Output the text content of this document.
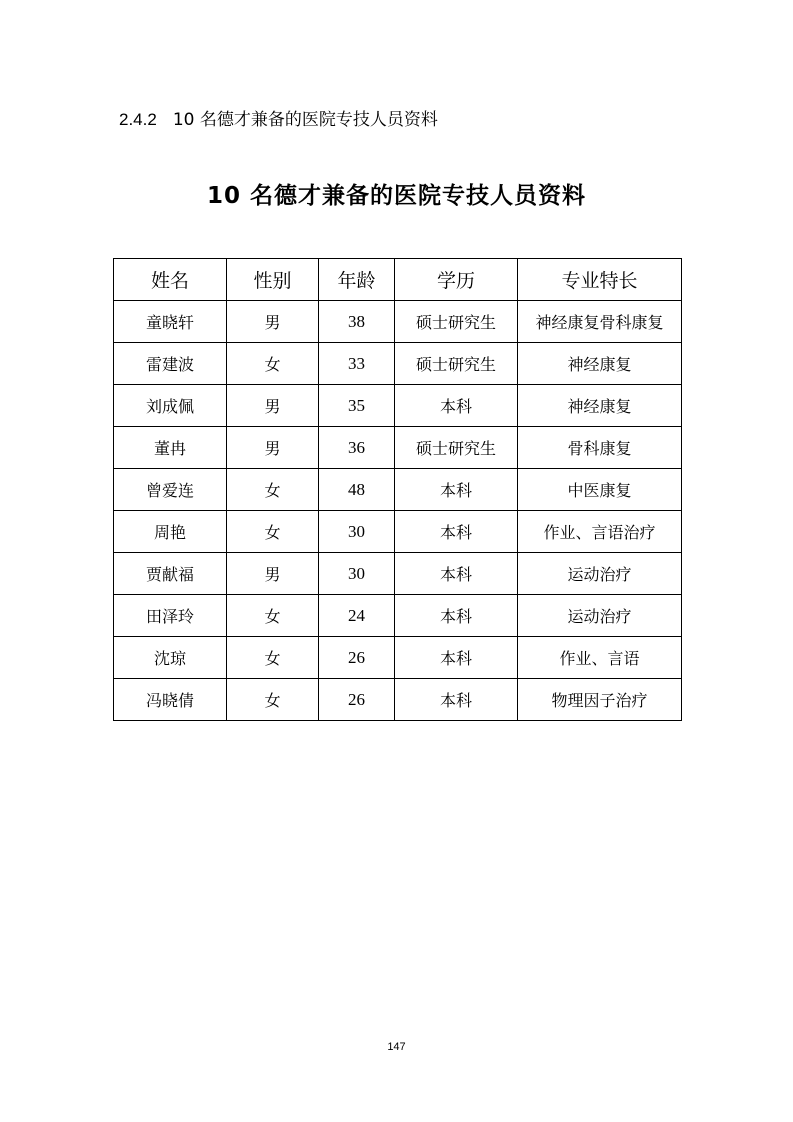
2.4.2 10 名德才兼备的医院专技人员资料
10 名德才兼备的医院专技人员资料
姓名	性别	年龄	学历	专业特长
童晓轩	男	38	硕士研究生	神经康复骨科康复
雷建波	女	33	硕士研究生	神经康复
刘成佩	男	35	本科	神经康复
董冉	男	36	硕士研究生	骨科康复
曾爱连	女	48	本科	中医康复
周艳	女	30	本科	作业、言语治疗
贾献福	男	30	本科	运动治疗
田泽玲	女	24	本科	运动治疗
沈琼	女	26	本科	作业、言语
冯晓倩	女	26	本科	物理因子治疗
147
